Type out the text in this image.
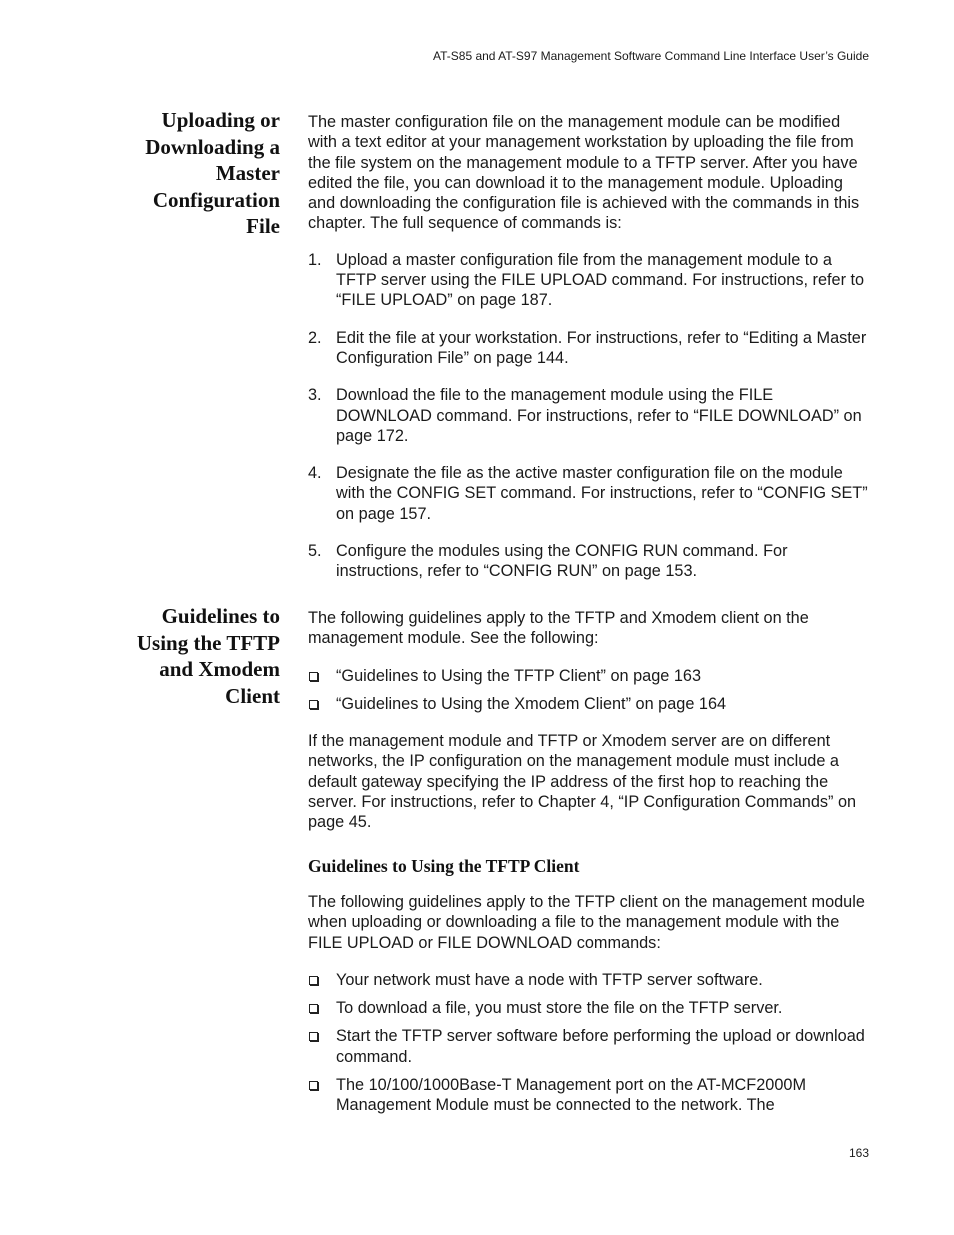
AT-S85 and AT-S97 Management Software Command Line Interface User’s Guide
Uploading or
Downloading a
Master
Configuration
File

The master configuration file on the management module can be modified with a text editor at your management workstation by uploading the file from the file system on the management module to a TFTP server. After you have edited the file, you can download it to the management module. Uploading and downloading the configuration file is achieved with the commands in this chapter. The full sequence of commands is:

1. Upload a master configuration file from the management module to a TFTP server using the FILE UPLOAD command. For instructions, refer to “FILE UPLOAD” on page 187.
2. Edit the file at your workstation. For instructions, refer to “Editing a Master Configuration File” on page 144.
3. Download the file to the management module using the FILE DOWNLOAD command. For instructions, refer to “FILE DOWNLOAD” on page 172.
4. Designate the file as the active master configuration file on the module with the CONFIG SET command. For instructions, refer to “CONFIG SET” on page 157.
5. Configure the modules using the CONFIG RUN command. For instructions, refer to “CONFIG RUN” on page 153.
Guidelines to
Using the TFTP
and Xmodem
Client

The following guidelines apply to the TFTP and Xmodem client on the management module. See the following:

“Guidelines to Using the TFTP Client” on page 163
“Guidelines to Using the Xmodem Client” on page 164

If the management module and TFTP or Xmodem server are on different networks, the IP configuration on the management module must include a default gateway specifying the IP address of the first hop to reaching the server. For instructions, refer to Chapter 4, “IP Configuration Commands” on page 45.

Guidelines to Using the TFTP Client

The following guidelines apply to the TFTP client on the management module when uploading or downloading a file to the management module with the FILE UPLOAD or FILE DOWNLOAD commands:

Your network must have a node with TFTP server software.
To download a file, you must store the file on the TFTP server.
Start the TFTP server software before performing the upload or download command.
The 10/100/1000Base-T Management port on the AT-MCF2000M Management Module must be connected to the network. The
163
